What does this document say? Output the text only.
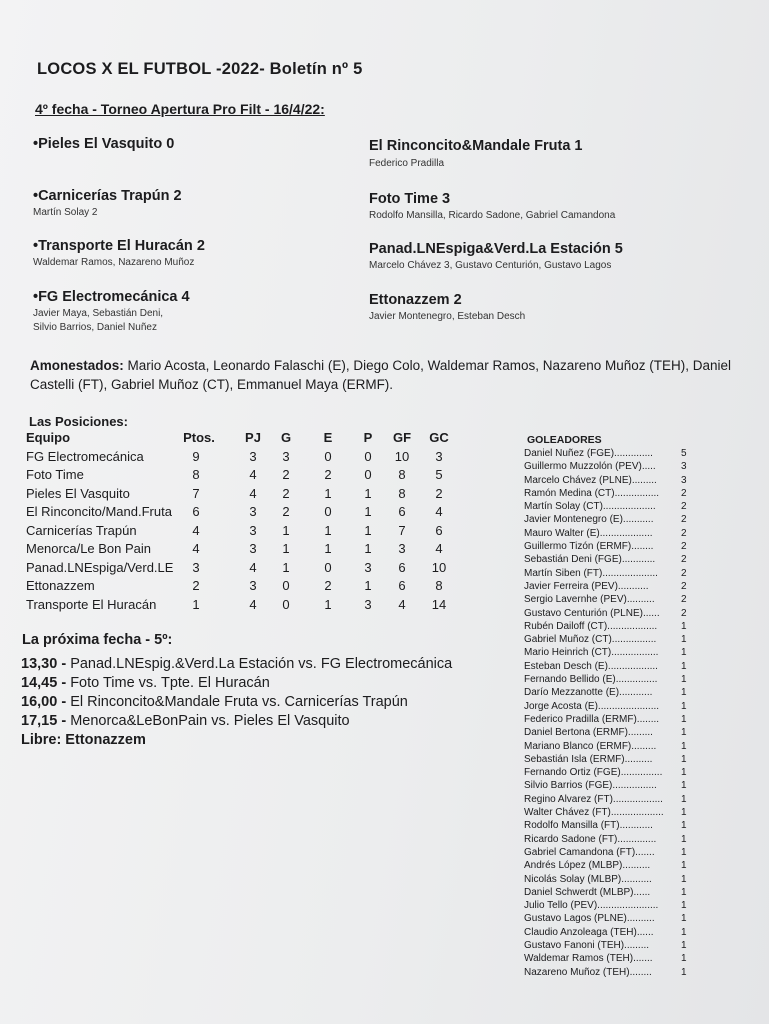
LOCOS X EL FUTBOL -2022- Boletín nº 5
4º fecha - Torneo Apertura Pro Filt - 16/4/22:
•Pieles El Vasquito 0	El Rinconcito&Mandale Fruta 1
Federico Pradilla
•Carnicerías Trapún 2
Martín Solay 2
Foto Time 3
Rodolfo Mansilla, Ricardo Sadone, Gabriel Camandona
•Transporte El Huracán 2
Waldemar Ramos, Nazareno Muñoz
Panad.LNEspiga&Verd.La Estación 5
Marcelo Chávez 3, Gustavo Centurión, Gustavo Lagos
•FG Electromecánica 4
Javier Maya, Sebastián Deni,
Silvio Barrios, Daniel Nuñez
Ettonazzem 2
Javier Montenegro, Esteban Desch
Amonestados: Mario Acosta, Leonardo Falaschi (E), Diego Colo, Waldemar Ramos, Nazareno Muñoz (TEH), Daniel Castelli (FT), Gabriel Muñoz (CT), Emmanuel Maya (ERMF).
Las Posiciones:
Equipo	Ptos. PJ	G	E	P	GF GC
FG Electromecánica	9	3	3	0	0	10	3
Foto Time	8	4	2	2	0	8	5
Pieles El Vasquito	7	4	2	1	1	8	2
El Rinconcito/Mand.Fruta	6	3	2	0	1	6	4
Carnicerías Trapún	4	3	1	1	1	7	6
Menorca/Le Bon Pain	4	3	1	1	1	3	4
Panad.LNEspiga/Verd.LE	3	4	1	0	3	6	10
Ettonazzem	2	3	0	2	1	6	8
Transporte El Huracán	1	4	0	1	3	4	14
La próxima fecha - 5º:
13,30 - Panad.LNEspig.&Verd.La Estación vs. FG Electromecánica
14,45 - Foto Time vs. Tpte. El Huracán
16,00 - El Rinconcito&Mandale Fruta vs. Carnicerías Trapún
17,15 - Menorca&LeBonPain vs. Pieles El Vasquito
Libre: Ettonazzem
GOLEADORES
Daniel Nuñez (FGE)..............	5
Guillermo Muzzolón (PEV).....	3
Marcelo Chávez (PLNE)......... 3
Ramón Medina (CT)................ 2
Martín Solay (CT)...................	2
Javier Montenegro (E)...........	2
Mauro Walter (E)...................	2
Guillermo Tizón (ERMF)........	2
Sebastián Deni (FGE)............	2
Martín Siben (FT).................... 2
Javier Ferreira (PEV)...........	2
Sergio Lavernhe (PEV)..........	2
Gustavo Centurión (PLNE)...... 2
Rubén Dailoff (CT).................. 1
Gabriel Muñoz (CT)................ 1
Mario Heinrich (CT)................. 1
Esteban Desch (E).................. 1
Fernando Bellido (E)............... 1
Darío Mezzanotte (E)............	1
Jorge Acosta (E)...................... 1
Federico Pradilla (ERMF)........ 1
Daniel Bertona (ERMF).........	1
Mariano Blanco (ERMF)......... 1
Sebastián Isla (ERMF)..........	1
Fernando Ortiz (FGE)............... 1
Silvio Barrios (FGE)................ 1
Regino Alvarez (FT).................. 1
Walter Chávez (FT)................... 1
Rodolfo Mansilla (FT)............	1
Ricardo Sadone (FT).............. 1
Gabriel Camandona (FT).......	1
Andrés López (MLBP)..........	1
Nicolás Solay (MLBP)...........	1
Daniel Schwerdt (MLBP)......	1
Julio Tello (PEV)...................... 1
Gustavo Lagos (PLNE)..........	1
Claudio Anzoleaga (TEH)......	1
Gustavo Fanoni (TEH).........	1
Waldemar Ramos (TEH).......	1
Nazareno Muñoz (TEH)........	1
